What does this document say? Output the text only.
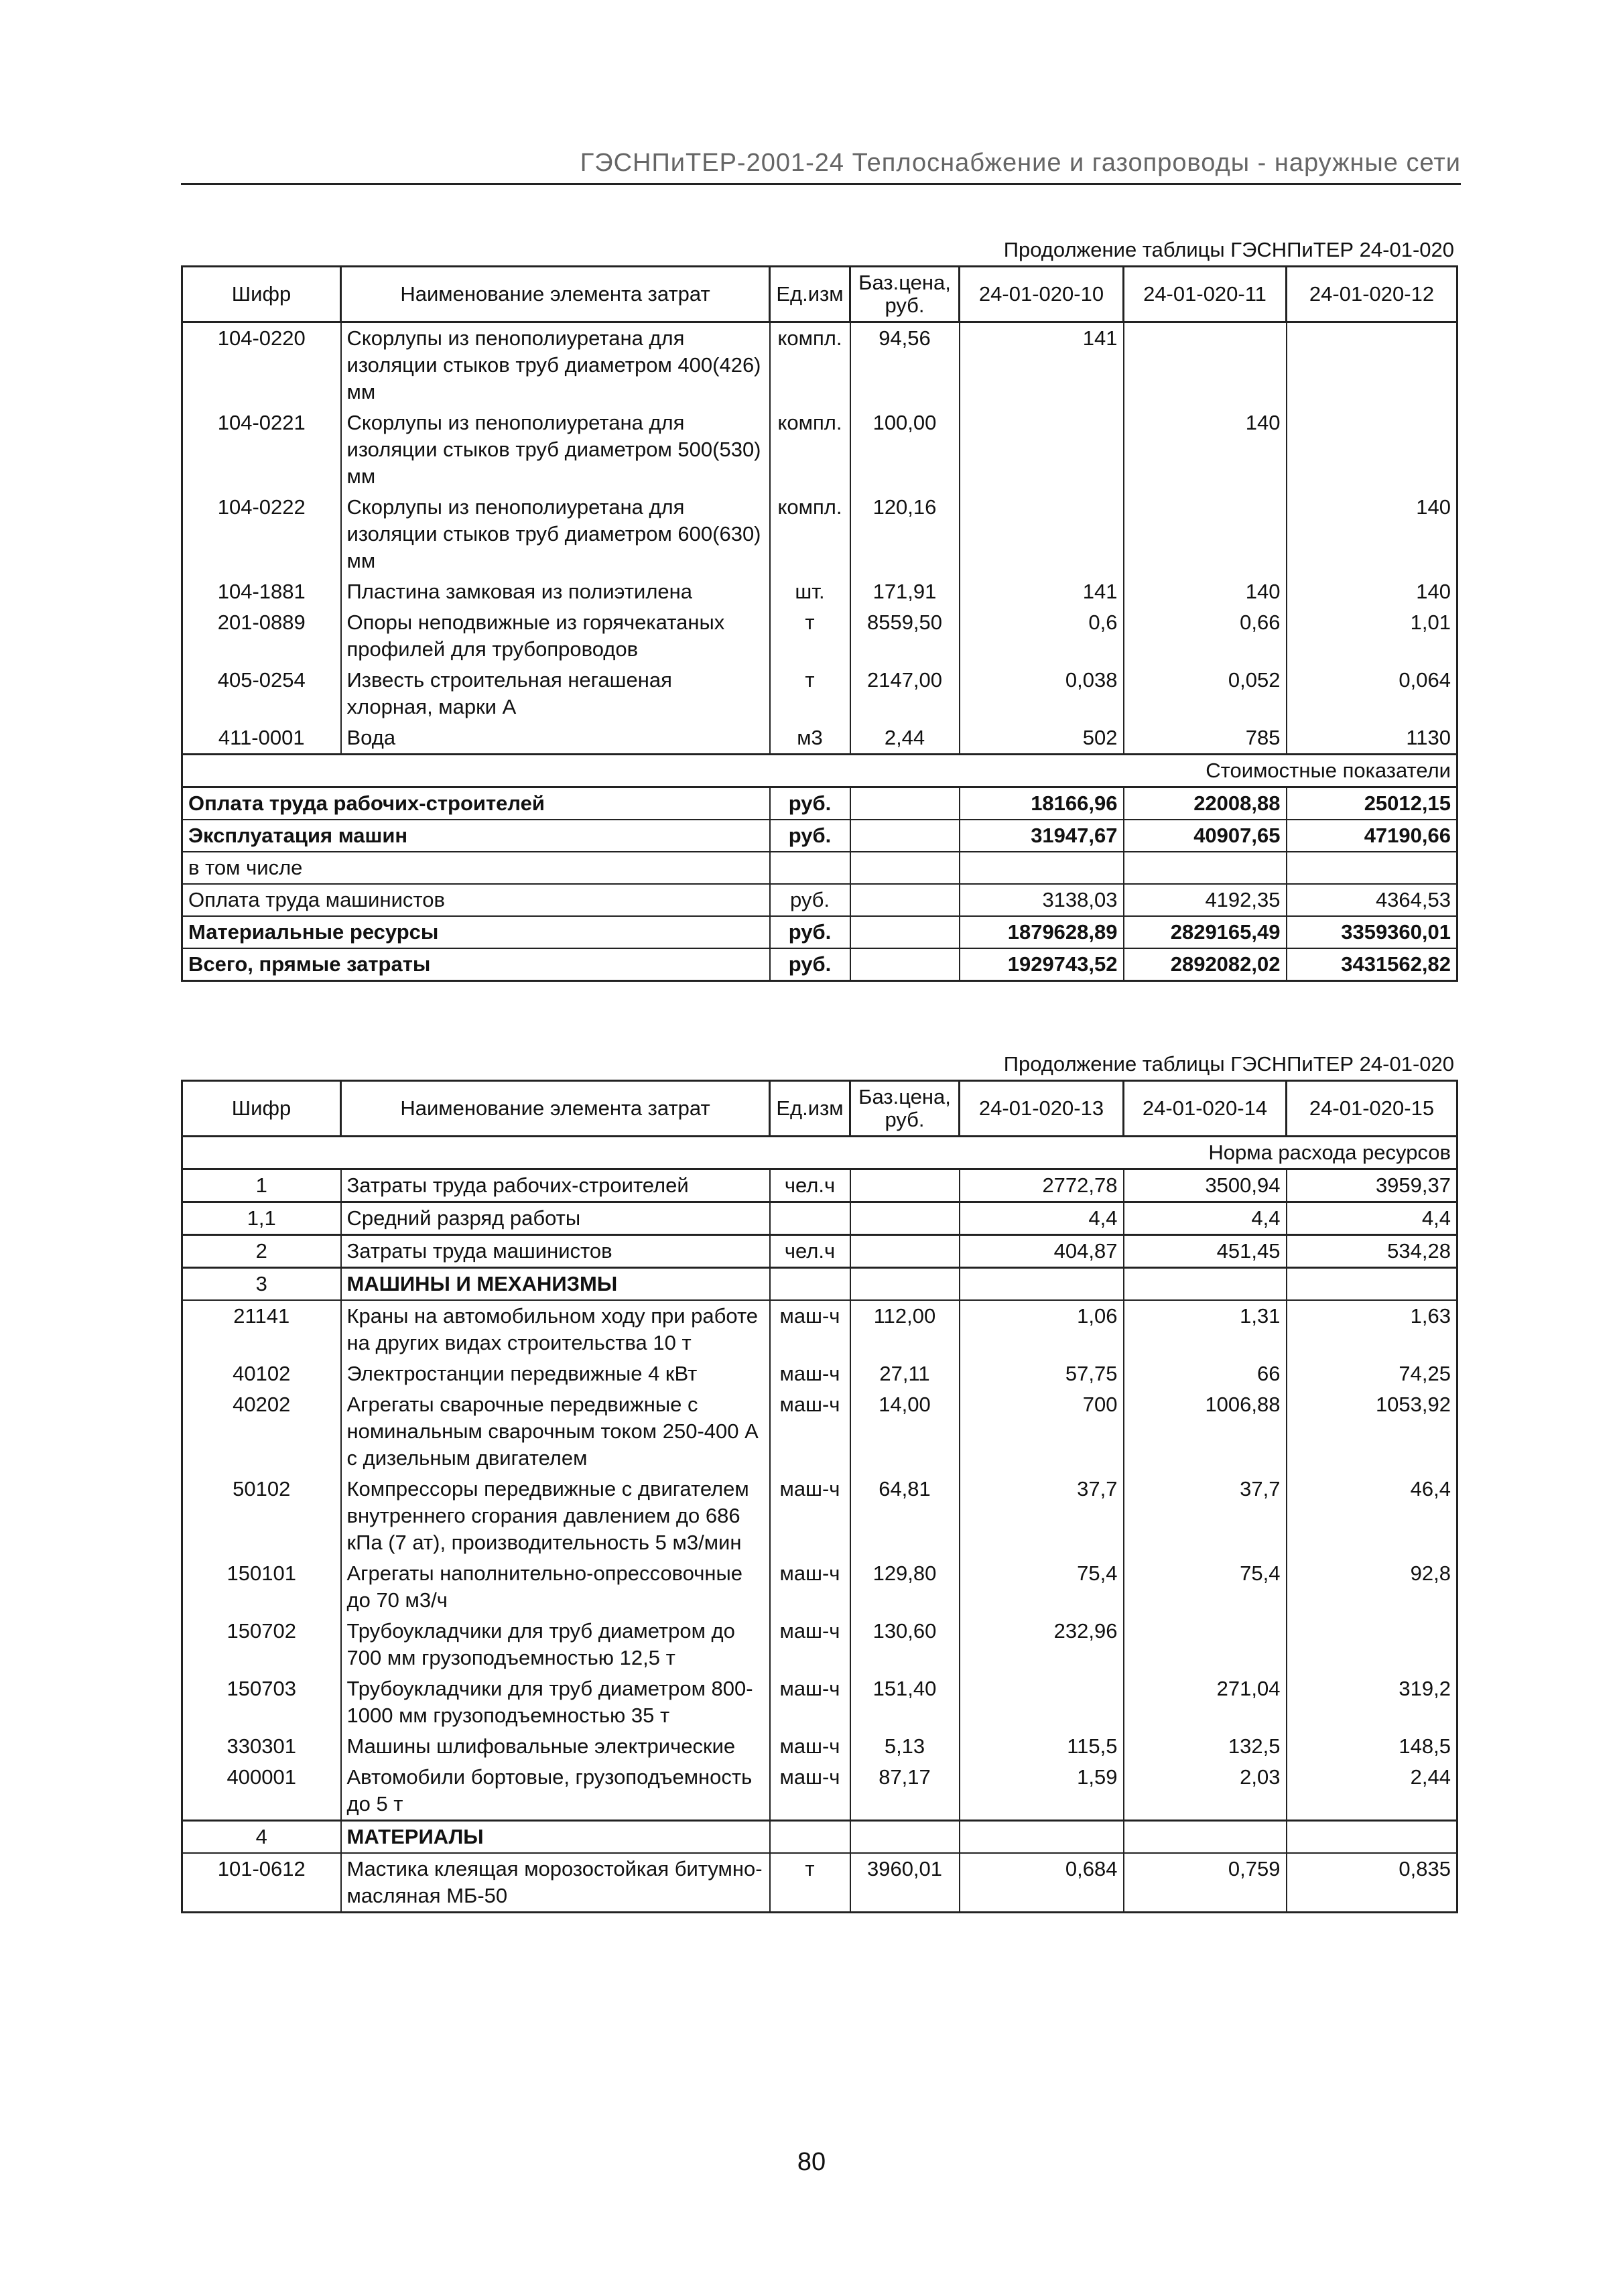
ГЭСНПиТЕР-2001-24 Теплоснабжение и газопроводы - наружные сети
Продолжение таблицы ГЭСНПиТЕР 24-01-020
Шифр	Наименование элемента затрат	Ед.изм	Баз.цена, руб.	24-01-020-10	24-01-020-11	24-01-020-12
104-0220	Скорлупы из пенополиуретана для изоляции стыков труб диаметром 400(426) мм	компл.	94,56	141		
104-0221	Скорлупы из пенополиуретана для изоляции стыков труб диаметром 500(530) мм	компл.	100,00		140	
104-0222	Скорлупы из пенополиуретана для изоляции стыков труб диаметром 600(630) мм	компл.	120,16			140
104-1881	Пластина замковая из полиэтилена	шт.	171,91	141	140	140
201-0889	Опоры неподвижные из горячекатаных профилей для трубопроводов	т	8559,50	0,6	0,66	1,01
405-0254	Известь строительная негашеная хлорная, марки А	т	2147,00	0,038	0,052	0,064
411-0001	Вода	м3	2,44	502	785	1130
Стоимостные показатели						
Оплата труда рабочих-строителей		руб.		18166,96	22008,88	25012,15
Эксплуатация машин		руб.		31947,67	40907,65	47190,66
в том числе						
Оплата труда машинистов		руб.		3138,03	4192,35	4364,53
Материальные ресурсы		руб.		1879628,89	2829165,49	3359360,01
Всего, прямые затраты		руб.		1929743,52	2892082,02	3431562,82
Продолжение таблицы ГЭСНПиТЕР 24-01-020
Шифр	Наименование элемента затрат	Ед.изм	Баз.цена, руб.	24-01-020-13	24-01-020-14	24-01-020-15
Норма расхода ресурсов						
1	Затраты труда рабочих-строителей	чел.ч		2772,78	3500,94	3959,37
1,1	Средний разряд работы			4,4	4,4	4,4
2	Затраты труда машинистов	чел.ч		404,87	451,45	534,28
3	МАШИНЫ И МЕХАНИЗМЫ					
21141	Краны на автомобильном ходу при работе на других видах строительства 10 т	маш-ч	112,00	1,06	1,31	1,63
40102	Электростанции передвижные 4 кВт	маш-ч	27,11	57,75	66	74,25
40202	Агрегаты сварочные передвижные с номинальным сварочным током 250-400 А с дизельным двигателем	маш-ч	14,00	700	1006,88	1053,92
50102	Компрессоры передвижные с двигателем внутреннего сгорания давлением до 686 кПа (7 ат), производительность 5 м3/мин	маш-ч	64,81	37,7	37,7	46,4
150101	Агрегаты наполнительно-опрессовочные до 70 м3/ч	маш-ч	129,80	75,4	75,4	92,8
150702	Трубоукладчики для труб диаметром до 700 мм грузоподъемностью 12,5 т	маш-ч	130,60	232,96		
150703	Трубоукладчики для труб диаметром 800-1000 мм грузоподъемностью 35 т	маш-ч	151,40		271,04	319,2
330301	Машины шлифовальные электрические	маш-ч	5,13	115,5	132,5	148,5
400001	Автомобили бортовые, грузоподъемность до 5 т	маш-ч	87,17	1,59	2,03	2,44
4	МАТЕРИАЛЫ					
101-0612	Мастика клеящая морозостойкая битумно-масляная МБ-50	т	3960,01	0,684	0,759	0,835
80
